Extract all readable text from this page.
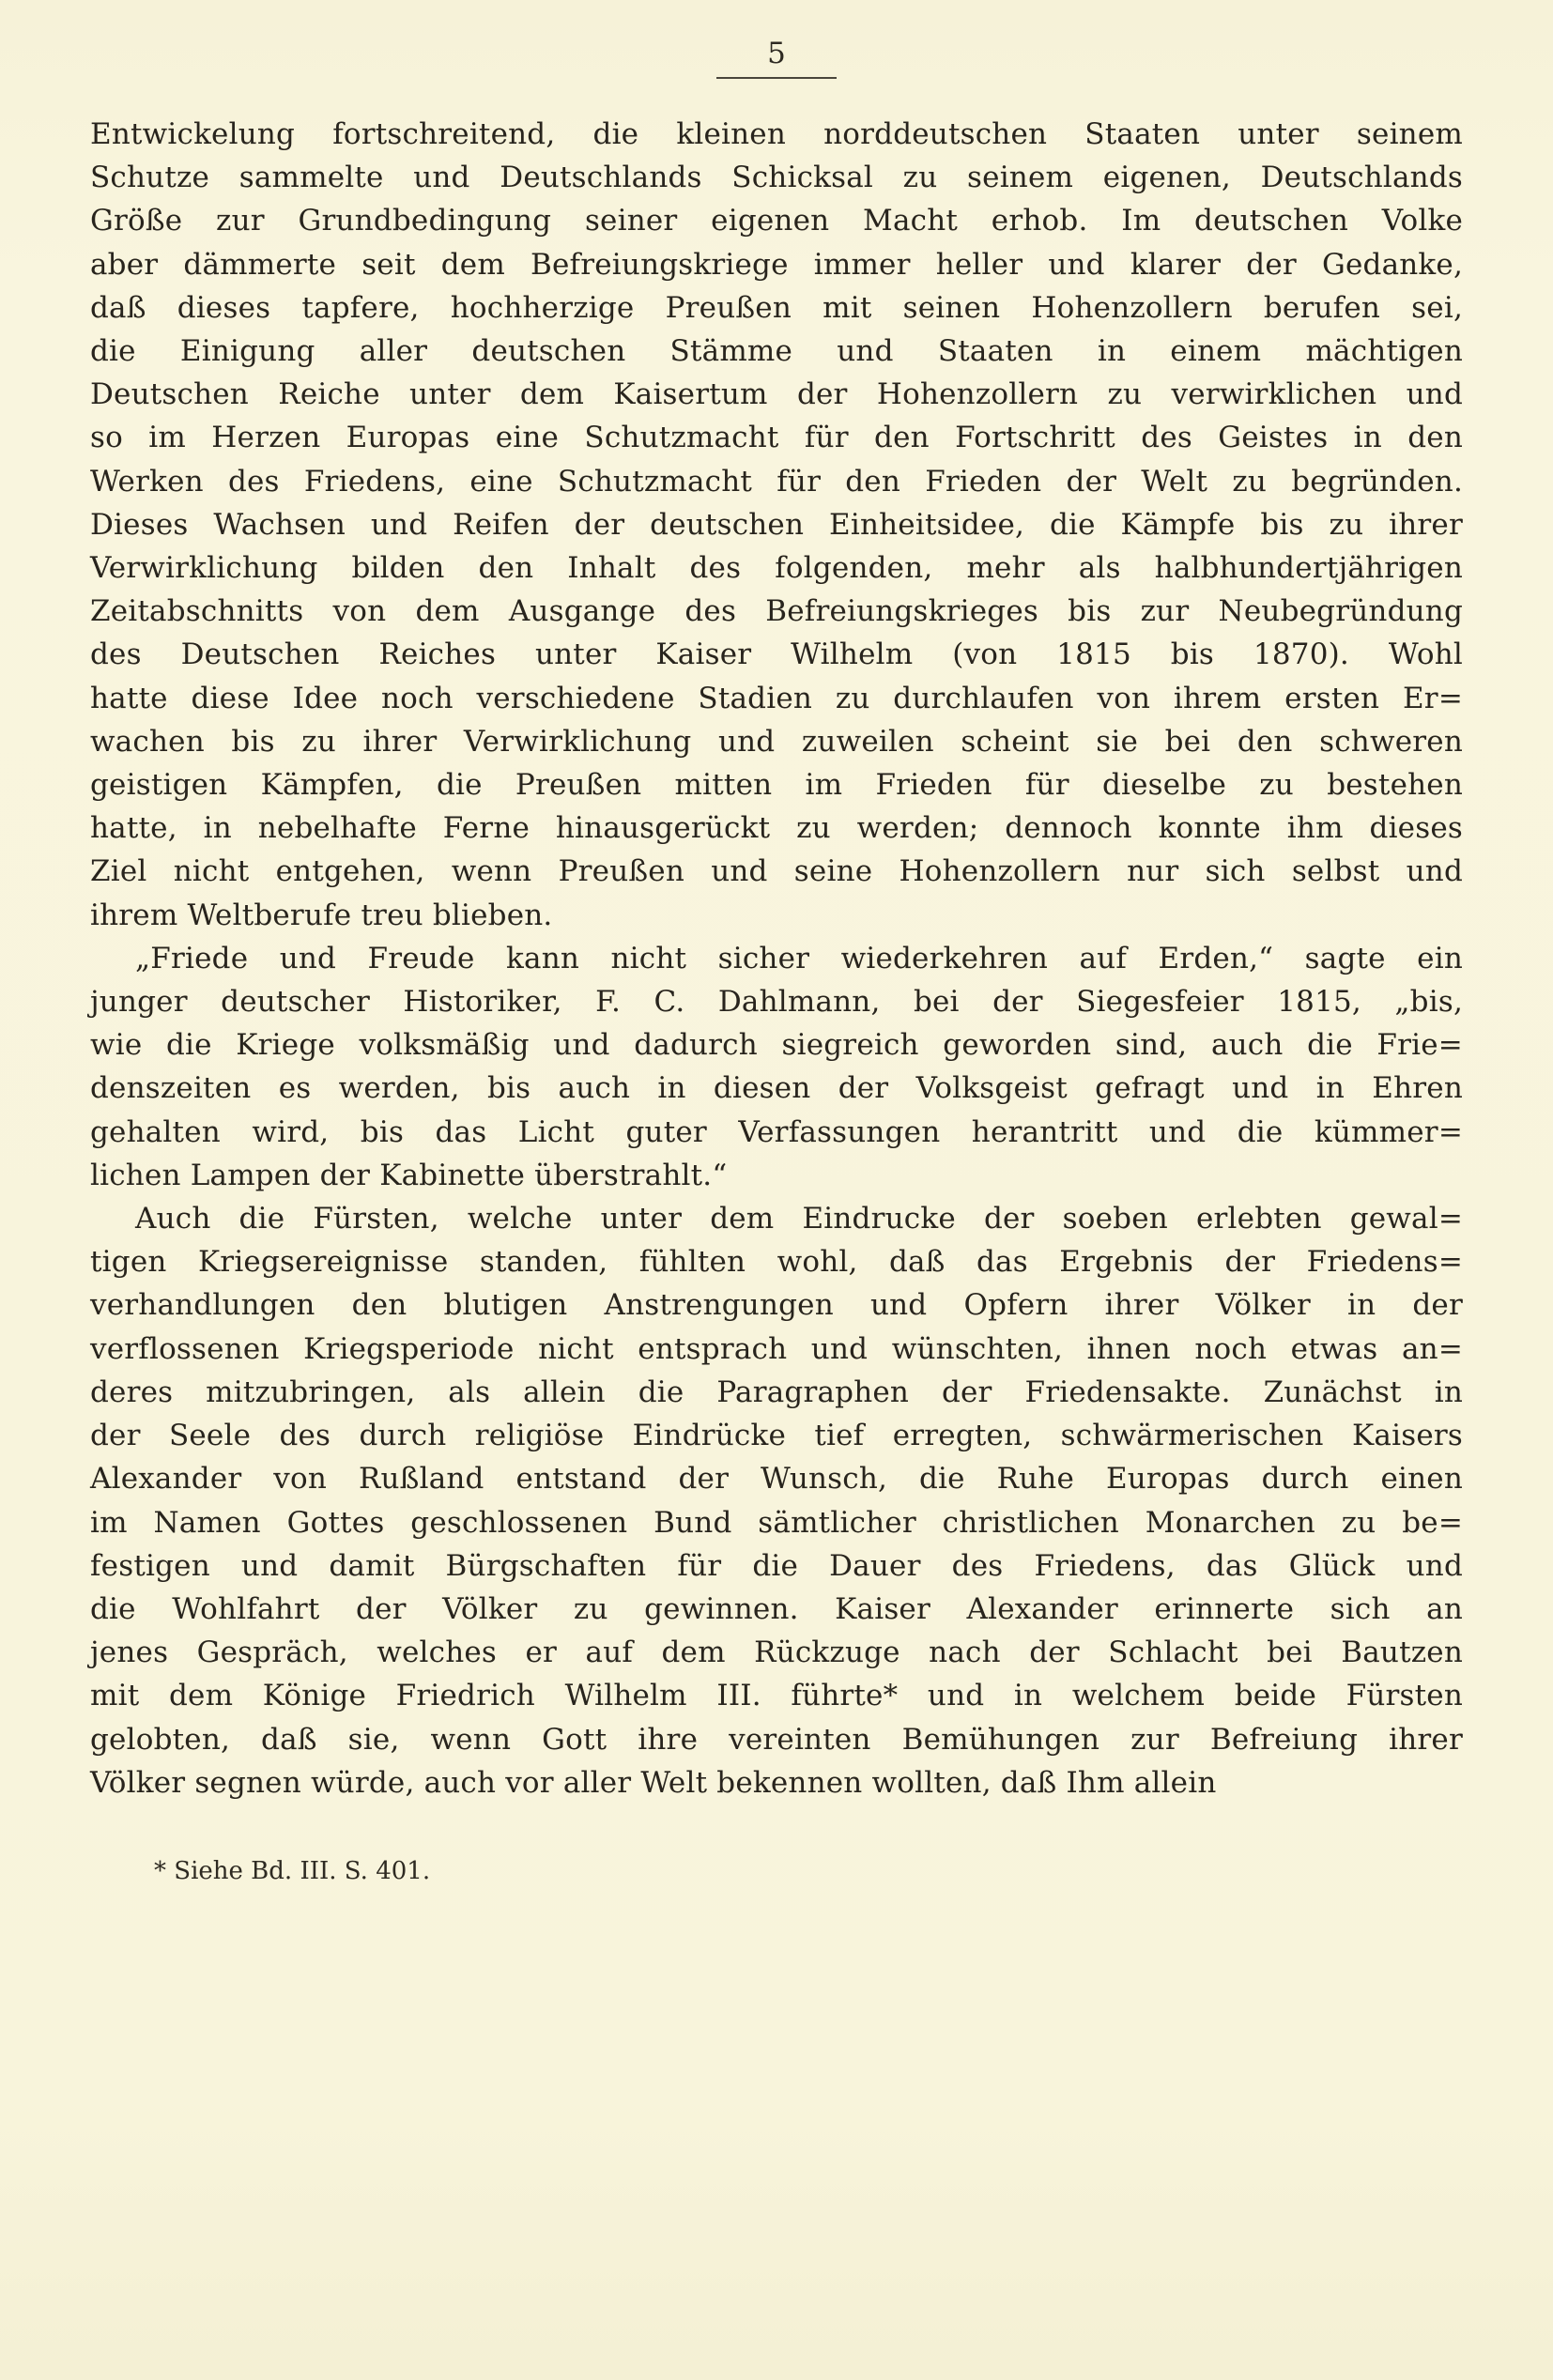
5
Entwickelung fortschreitend, die kleinen norddeutschen Staaten unter seinem
Schutze sammelte und Deutschlands Schicksal zu seinem eigenen, Deutschlands
Größe zur Grundbedingung seiner eigenen Macht erhob. Im deutschen Volke
aber dämmerte seit dem Befreiungskriege immer heller und klarer der Gedanke,
daß dieses tapfere, hochherzige Preußen mit seinen Hohenzollern berufen sei,
die Einigung aller deutschen Stämme und Staaten in einem mächtigen
Deutschen Reiche unter dem Kaisertum der Hohenzollern zu verwirklichen und
so im Herzen Europas eine Schutzmacht für den Fortschritt des Geistes in den
Werken des Friedens, eine Schutzmacht für den Frieden der Welt zu begründen.
Dieses Wachsen und Reifen der deutschen Einheitsidee, die Kämpfe bis zu ihrer
Verwirklichung bilden den Inhalt des folgenden, mehr als halbhundertjährigen
Zeitabschnitts von dem Ausgange des Befreiungskrieges bis zur Neubegründung
des Deutschen Reiches unter Kaiser Wilhelm (von 1815 bis 1870). Wohl
hatte diese Idee noch verschiedene Stadien zu durchlaufen von ihrem ersten Er=
wachen bis zu ihrer Verwirklichung und zuweilen scheint sie bei den schweren
geistigen Kämpfen, die Preußen mitten im Frieden für dieselbe zu bestehen
hatte, in nebelhafte Ferne hinausgerückt zu werden; dennoch konnte ihm dieses
Ziel nicht entgehen, wenn Preußen und seine Hohenzollern nur sich selbst und
ihrem Weltberufe treu blieben.
„Friede und Freude kann nicht sicher wiederkehren auf Erden,“ sagte ein
junger deutscher Historiker, F. C. Dahlmann, bei der Siegesfeier 1815, „bis,
wie die Kriege volksmäßig und dadurch siegreich geworden sind, auch die Frie=
denszeiten es werden, bis auch in diesen der Volksgeist gefragt und in Ehren
gehalten wird, bis das Licht guter Verfassungen herantritt und die kümmer=
lichen Lampen der Kabinette überstrahlt.“
Auch die Fürsten, welche unter dem Eindrucke der soeben erlebten gewal=
tigen Kriegsereignisse standen, fühlten wohl, daß das Ergebnis der Friedens=
verhandlungen den blutigen Anstrengungen und Opfern ihrer Völker in der
verflossenen Kriegsperiode nicht entsprach und wünschten, ihnen noch etwas an=
deres mitzubringen, als allein die Paragraphen der Friedensakte. Zunächst in
der Seele des durch religiöse Eindrücke tief erregten, schwärmerischen Kaisers
Alexander von Rußland entstand der Wunsch, die Ruhe Europas durch einen
im Namen Gottes geschlossenen Bund sämtlicher christlichen Monarchen zu be=
festigen und damit Bürgschaften für die Dauer des Friedens, das Glück und
die Wohlfahrt der Völker zu gewinnen. Kaiser Alexander erinnerte sich an
jenes Gespräch, welches er auf dem Rückzuge nach der Schlacht bei Bautzen
mit dem Könige Friedrich Wilhelm III. führte* und in welchem beide Fürsten
gelobten, daß sie, wenn Gott ihre vereinten Bemühungen zur Befreiung ihrer
Völker segnen würde, auch vor aller Welt bekennen wollten, daß Ihm allein
* Siehe Bd. III. S. 401.
